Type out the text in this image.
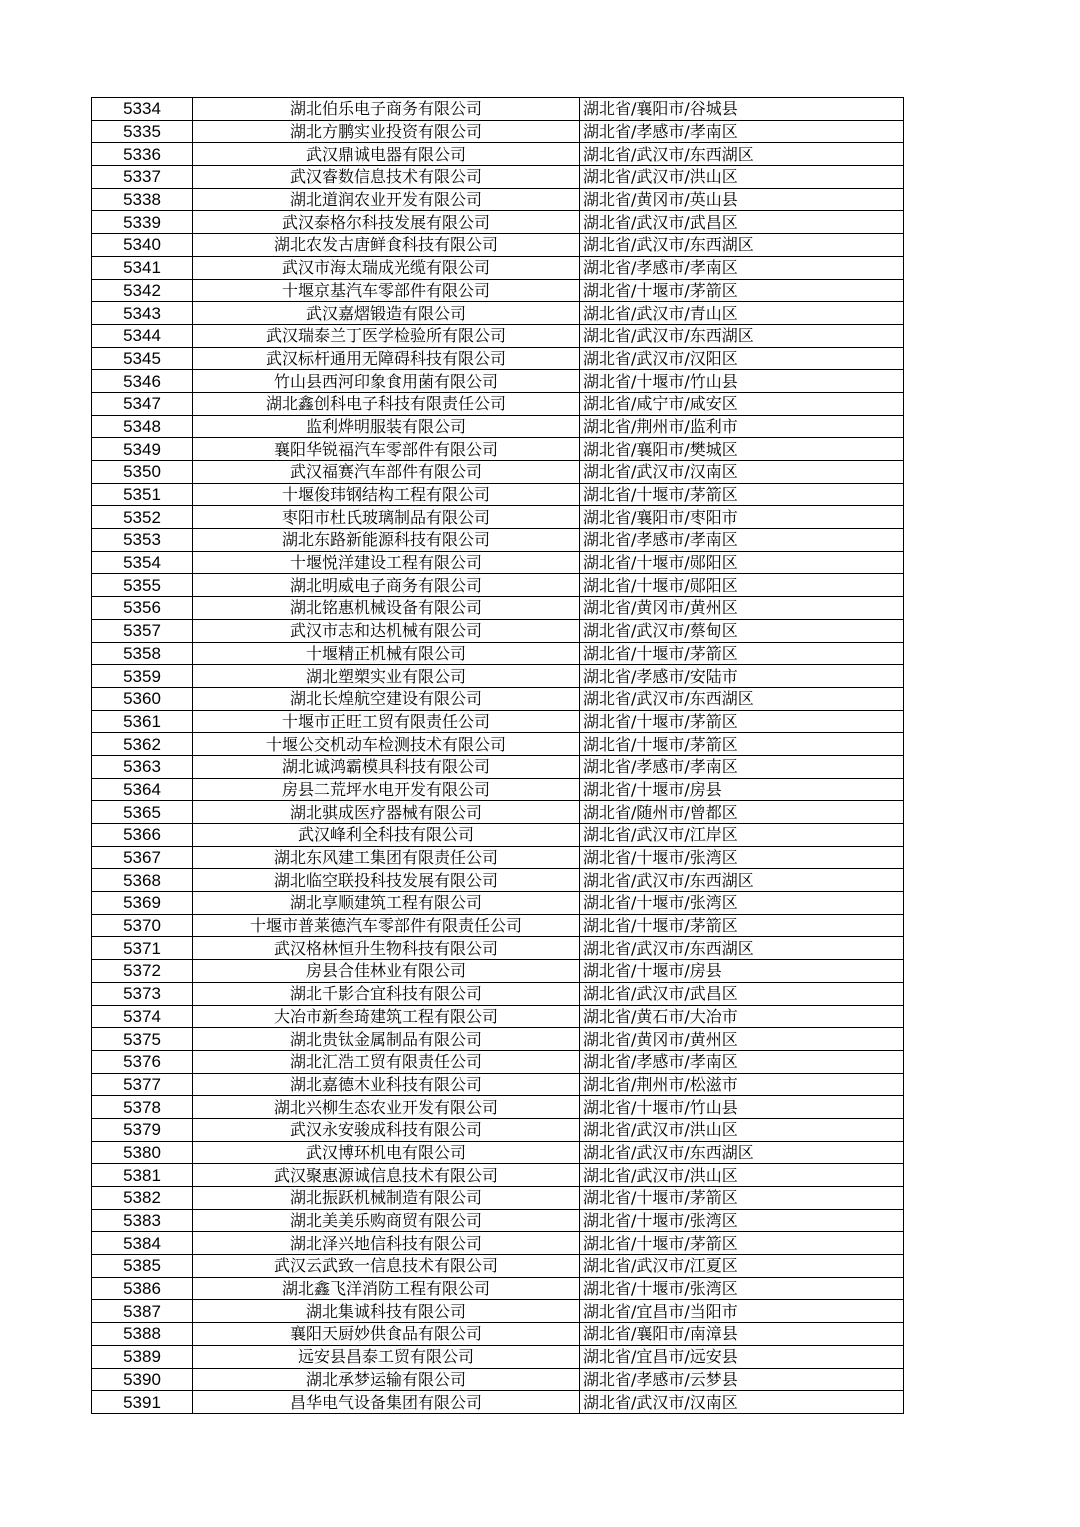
5334	湖北伯乐电子商务有限公司	湖北省/襄阳市/谷城县
5335	湖北方鹏实业投资有限公司	湖北省/孝感市/孝南区
5336	武汉鼎诚电器有限公司	湖北省/武汉市/东西湖区
5337	武汉睿数信息技术有限公司	湖北省/武汉市/洪山区
5338	湖北道润农业开发有限公司	湖北省/黄冈市/英山县
5339	武汉泰格尔科技发展有限公司	湖北省/武汉市/武昌区
5340	湖北农发古唐鲜食科技有限公司	湖北省/武汉市/东西湖区
5341	武汉市海太瑞成光缆有限公司	湖北省/孝感市/孝南区
5342	十堰京基汽车零部件有限公司	湖北省/十堰市/茅箭区
5343	武汉嘉熠锻造有限公司	湖北省/武汉市/青山区
5344	武汉瑞泰兰丁医学检验所有限公司	湖北省/武汉市/东西湖区
5345	武汉标杆通用无障碍科技有限公司	湖北省/武汉市/汉阳区
5346	竹山县西河印象食用菌有限公司	湖北省/十堰市/竹山县
5347	湖北鑫创科电子科技有限责任公司	湖北省/咸宁市/咸安区
5348	监利烨明服装有限公司	湖北省/荆州市/监利市
5349	襄阳华锐福汽车零部件有限公司	湖北省/襄阳市/樊城区
5350	武汉福赛汽车部件有限公司	湖北省/武汉市/汉南区
5351	十堰俊玮钢结构工程有限公司	湖北省/十堰市/茅箭区
5352	枣阳市杜氏玻璃制品有限公司	湖北省/襄阳市/枣阳市
5353	湖北东路新能源科技有限公司	湖北省/孝感市/孝南区
5354	十堰悦洋建设工程有限公司	湖北省/十堰市/郧阳区
5355	湖北明威电子商务有限公司	湖北省/十堰市/郧阳区
5356	湖北铭惠机械设备有限公司	湖北省/黄冈市/黄州区
5357	武汉市志和达机械有限公司	湖北省/武汉市/蔡甸区
5358	十堰精正机械有限公司	湖北省/十堰市/茅箭区
5359	湖北塑槊实业有限公司	湖北省/孝感市/安陆市
5360	湖北长煌航空建设有限公司	湖北省/武汉市/东西湖区
5361	十堰市正旺工贸有限责任公司	湖北省/十堰市/茅箭区
5362	十堰公交机动车检测技术有限公司	湖北省/十堰市/茅箭区
5363	湖北诚鸿霸模具科技有限公司	湖北省/孝感市/孝南区
5364	房县二荒坪水电开发有限公司	湖北省/十堰市/房县
5365	湖北骐成医疗器械有限公司	湖北省/随州市/曾都区
5366	武汉峰利全科技有限公司	湖北省/武汉市/江岸区
5367	湖北东风建工集团有限责任公司	湖北省/十堰市/张湾区
5368	湖北临空联投科技发展有限公司	湖北省/武汉市/东西湖区
5369	湖北享顺建筑工程有限公司	湖北省/十堰市/张湾区
5370	十堰市普莱德汽车零部件有限责任公司	湖北省/十堰市/茅箭区
5371	武汉格林恒升生物科技有限公司	湖北省/武汉市/东西湖区
5372	房县合佳林业有限公司	湖北省/十堰市/房县
5373	湖北千影合宜科技有限公司	湖北省/武汉市/武昌区
5374	大冶市新叁琦建筑工程有限公司	湖北省/黄石市/大冶市
5375	湖北贵钛金属制品有限公司	湖北省/黄冈市/黄州区
5376	湖北汇浩工贸有限责任公司	湖北省/孝感市/孝南区
5377	湖北嘉德木业科技有限公司	湖北省/荆州市/松滋市
5378	湖北兴柳生态农业开发有限公司	湖北省/十堰市/竹山县
5379	武汉永安骏成科技有限公司	湖北省/武汉市/洪山区
5380	武汉博环机电有限公司	湖北省/武汉市/东西湖区
5381	武汉聚惠源诚信息技术有限公司	湖北省/武汉市/洪山区
5382	湖北振跃机械制造有限公司	湖北省/十堰市/茅箭区
5383	湖北美美乐购商贸有限公司	湖北省/十堰市/张湾区
5384	湖北泽兴地信科技有限公司	湖北省/十堰市/茅箭区
5385	武汉云武致一信息技术有限公司	湖北省/武汉市/江夏区
5386	湖北鑫飞洋消防工程有限公司	湖北省/十堰市/张湾区
5387	湖北集诚科技有限公司	湖北省/宜昌市/当阳市
5388	襄阳天厨妙供食品有限公司	湖北省/襄阳市/南漳县
5389	远安县昌泰工贸有限公司	湖北省/宜昌市/远安县
5390	湖北承梦运输有限公司	湖北省/孝感市/云梦县
5391	昌华电气设备集团有限公司	湖北省/武汉市/汉南区
